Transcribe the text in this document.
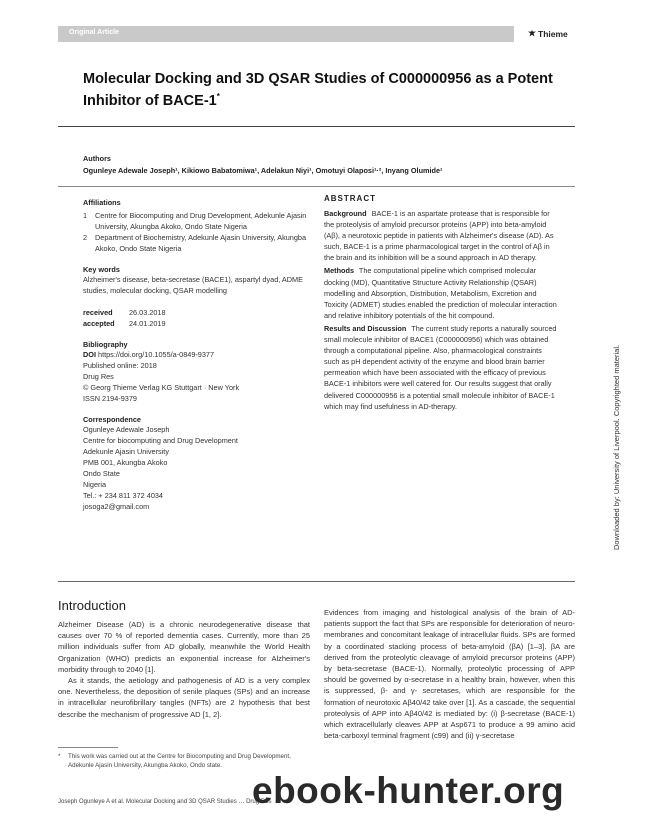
Original Article	Thieme
Molecular Docking and 3D QSAR Studies of C000000956 as a Potent Inhibitor of BACE-1*
Authors
Ogunleye Adewale Joseph¹, Kikiowo Babatomiwa¹, Adelakun Niyi¹, Omotuyi Olaposi¹·², Inyang Olumide¹
Affiliations
1	Centre for Biocomputing and Drug Development, Adekunle Ajasin University, Akungba Akoko, Ondo State Nigeria
2	Department of Biochemistry, Adekunle Ajasin University, Akungba Akoko, Ondo State Nigeria
Key words
Alzheimer's disease, beta-secretase (BACE1), aspartyl dyad, ADME studies, molecular docking, QSAR modelling
received	26.03.2018
accepted	24.01.2019
Bibliography
DOI https://doi.org/10.1055/a-0849-9377
Published online: 2018
Drug Res
© Georg Thieme Verlag KG Stuttgart · New York
ISSN 2194-9379
Correspondence
Ogunleye Adewale Joseph
Centre for biocomputing and Drug Development
Adekunle Ajasin University
PMB 001, Akungba Akoko
Ondo State
Nigeria
Tel.: + 234 811 372 4034
josoga2@gmail.com
ABSTRACT

Background BACE-1 is an aspartate protease that is responsible for the proteolysis of amyloid precursor proteins (APP) into beta-amyloid (Aβ), a neurotoxic peptide in patients with Alzheimer's disease (AD). As such, BACE-1 is a prime pharmacological target in the control of Aβ in the brain and its inhibition will be a sound approach in AD therapy.

Methods The computational pipeline which comprised molecular docking (MD), Quantitative Structure Activity Relationship (QSAR) modelling and Absorption, Distribution, Metabolism, Excretion and Toxicity (ADMET) studies enabled the prediction of molecular interaction and relative inhibitory potentials of the hit compound.

Results and Discussion The current study reports a naturally sourced small molecule inhibitor of BACE1 (C000000956) which was obtained through a computational pipeline. Also, pharmacological constraints such as pH dependent activity of the enzyme and blood brain barrier permeation which have been associated with the efficacy of previous BACE-1 inhibitors were well catered for. Our results suggest that orally delivered C000000956 is a potential small molecule inhibitor of BACE-1 which may find usefulness in AD-therapy.

Introduction

Alzheimer Disease (AD) is a chronic neurodegenerative disease that causes over 70 % of reported dementia cases. Currently, more than 25 million individuals suffer from AD globally, meanwhile the World Health Organization (WHO) predicts an exponential increase for Alzheimer's morbidity through to 2040 [1].

As it stands, the aetiology and pathogenesis of AD is a very complex one. Nevertheless, the deposition of senile plaques (SPs) and an increase in intracellular neurofibrillary tangles (NFTs) are 2 hypothesis that best describe the mechanism of progressive AD [1, 2].

Evidences from imaging and histological analysis of the brain of AD-patients support the fact that SPs are responsible for deterioration of neuro-membranes and concomitant leakage of intracellular fluids. SPs are formed by a coordinated stacking process of beta-amyloid (βA) [1–3]. βA are derived from the proteolytic cleavage of amyloid precursor proteins (APP) by beta-secretase (BACE-1). Normally, proteolytic processing of APP should be governed by α-secretase in a healthy brain, however, when this is suppressed, β- and γ- secretases, which are responsible for the formation of neurotoxic Aβ40/42 take over [1]. As a cascade, the sequential proteolysis of APP into Aβ40/42 is mediated by: (i) β-secretase (BACE-1) which extracellularly cleaves APP at Asp671 to produce a 99 amino acid beta-carboxyl terminal fragment (c99) and (ii) γ-secretase

*	This work was carried out at the Centre for Biocomputing and Drug Development, Adekunle Ajasin University, Akungba Akoko, Ondo state.
Joseph Ogunleye A et al. Molecular Docking and 3D QSAR Studies … Drug Res
Downloaded by: University of Liverpool. Copyrighted material.
ebook-hunter.org
